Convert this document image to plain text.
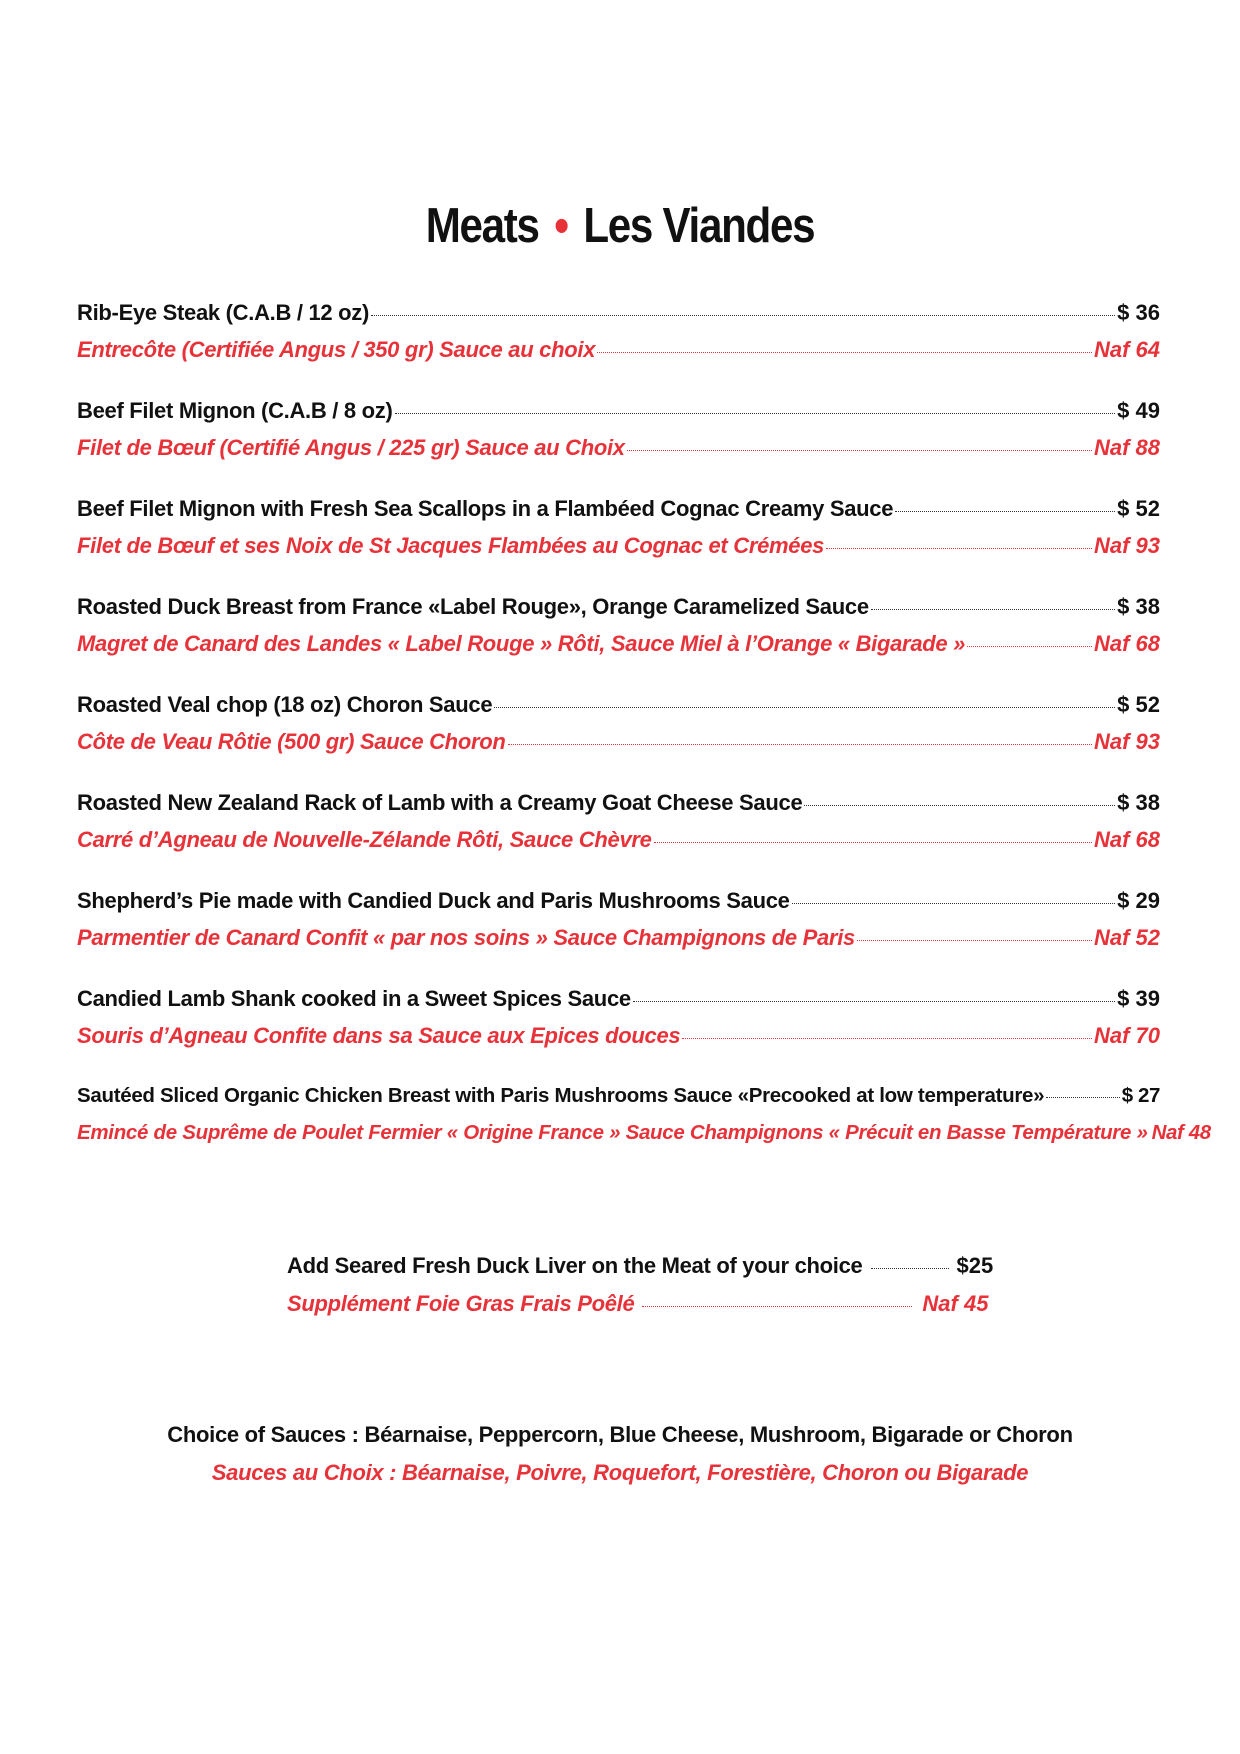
Meats • Les Viandes
Rib-Eye Steak (C.A.B / 12 oz)	$ 36
Entrecôte (Certifiée Angus / 350 gr) Sauce au choix	Naf 64
Beef Filet Mignon (C.A.B / 8 oz)	$ 49
Filet de Bœuf (Certifié Angus / 225 gr) Sauce au Choix	Naf 88
Beef Filet Mignon with Fresh Sea Scallops in a Flambéed Cognac Creamy Sauce	$ 52
Filet de Bœuf et ses Noix de St Jacques Flambées au Cognac et Crémées	Naf 93
Roasted Duck Breast from France «Label Rouge», Orange Caramelized Sauce	$ 38
Magret de Canard des Landes « Label Rouge » Rôti, Sauce Miel à l’Orange « Bigarade »	Naf 68
Roasted Veal chop (18 oz) Choron Sauce	$ 52
Côte de Veau Rôtie (500 gr) Sauce Choron	Naf 93
Roasted New Zealand Rack of Lamb with a Creamy Goat Cheese Sauce	$ 38
Carré d’Agneau de Nouvelle-Zélande Rôti, Sauce Chèvre	Naf 68
Shepherd’s Pie made with Candied Duck and Paris Mushrooms Sauce	$ 29
Parmentier de Canard Confit « par nos soins » Sauce Champignons de Paris	Naf 52
Candied Lamb Shank cooked in a Sweet Spices Sauce	$ 39
Souris d’Agneau Confite dans sa Sauce aux Epices douces	Naf 70
Sautéed Sliced Organic Chicken Breast with Paris Mushrooms Sauce «Precooked at low temperature»	$ 27
Emincé de Suprême de Poulet Fermier « Origine France » Sauce Champignons « Précuit en Basse Température » Naf 48
Add Seared Fresh Duck Liver on the Meat of your choice	$25
Supplément Foie Gras Frais Poêlé	Naf 45
Choice of Sauces : Béarnaise, Peppercorn, Blue Cheese, Mushroom, Bigarade or Choron
Sauces au Choix : Béarnaise, Poivre, Roquefort, Forestière, Choron ou Bigarade
